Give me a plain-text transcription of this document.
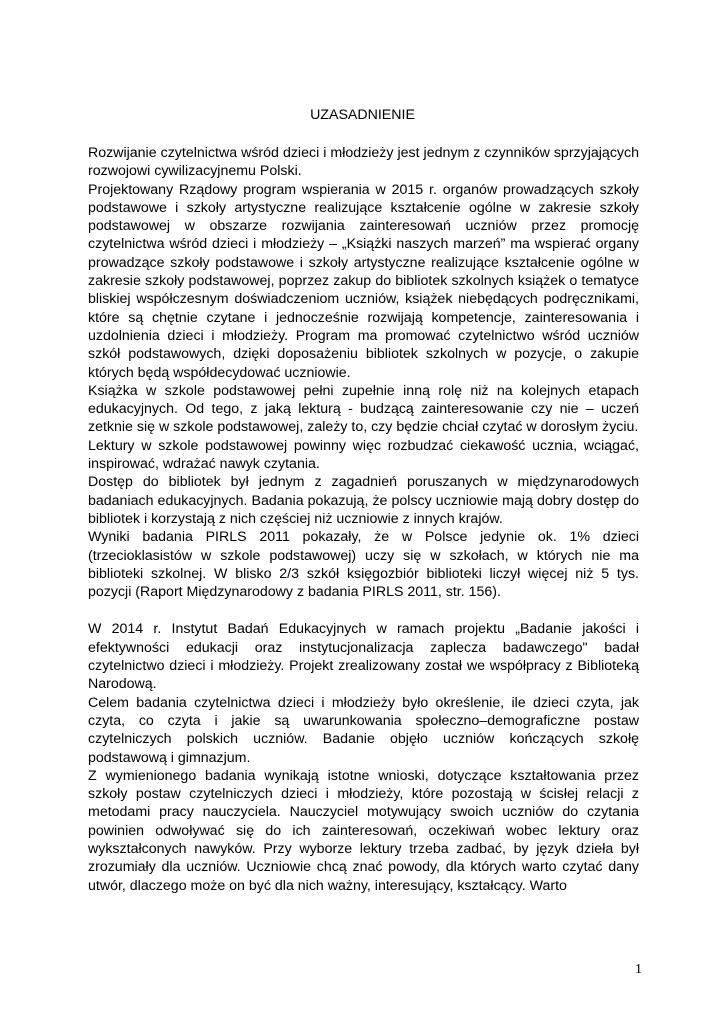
UZASADNIENIE

Rozwijanie czytelnictwa wśród dzieci i młodzieży jest jednym z czynników sprzyjających rozwojowi cywilizacyjnemu Polski.

Projektowany Rządowy program wspierania w 2015 r. organów prowadzących szkoły podstawowe i szkoły artystyczne realizujące kształcenie ogólne w zakresie szkoły podstawowej w obszarze rozwijania zainteresowań uczniów przez promocję czytelnictwa wśród dzieci i młodzieży – „Książki naszych marzeń” ma wspierać organy prowadzące szkoły podstawowe i szkoły artystyczne realizujące kształcenie ogólne w zakresie szkoły podstawowej, poprzez zakup do bibliotek szkolnych książek o tematyce bliskiej współczesnym doświadczeniom uczniów, książek niebędących podręcznikami, które są chętnie czytane i jednocześnie rozwijają kompetencje, zainteresowania i uzdolnienia dzieci i młodzieży. Program ma promować czytelnictwo wśród uczniów szkół podstawowych, dzięki doposażeniu bibliotek szkolnych w pozycje, o zakupie których będą współdecydować uczniowie.

Książka w szkole podstawowej pełni zupełnie inną rolę niż na kolejnych etapach edukacyjnych. Od tego, z jaką lekturą - budzącą zainteresowanie czy nie – uczeń zetknie się w szkole podstawowej, zależy to, czy będzie chciał czytać w dorosłym życiu.

Lektury w szkole podstawowej powinny więc rozbudzać ciekawość ucznia, wciągać, inspirować, wdrażać nawyk czytania.

Dostęp do bibliotek był jednym z zagadnień poruszanych w międzynarodowych badaniach edukacyjnych. Badania pokazują, że polscy uczniowie mają dobry dostęp do bibliotek i korzystają z nich częściej niż uczniowie z innych krajów.

Wyniki badania PIRLS 2011 pokazały, że w Polsce jedynie ok. 1% dzieci (trzecioklasistów w szkole podstawowej) uczy się w szkołach, w których nie ma biblioteki szkolnej. W blisko 2/3 szkół księgozbiór biblioteki liczył więcej niż 5 tys. pozycji (Raport Międzynarodowy z badania PIRLS 2011, str. 156).

W 2014 r. Instytut Badań Edukacyjnych w ramach projektu „Badanie jakości i efektywności edukacji oraz instytucjonalizacja zaplecza badawczego" badał czytelnictwo dzieci i młodzieży. Projekt zrealizowany został we współpracy z Biblioteką Narodową.

Celem badania czytelnictwa dzieci i młodzieży było określenie, ile dzieci czyta, jak czyta, co czyta i jakie są uwarunkowania społeczno–demograficzne postaw czytelniczych polskich uczniów. Badanie objęło uczniów kończących szkołę podstawową i gimnazjum.

Z wymienionego badania wynikają istotne wnioski, dotyczące kształtowania przez szkoły postaw czytelniczych dzieci i młodzieży, które pozostają w ścisłej relacji z metodami pracy nauczyciela. Nauczyciel motywujący swoich uczniów do czytania powinien odwoływać się do ich zainteresowań, oczekiwań wobec lektury oraz wykształconych nawyków. Przy wyborze lektury trzeba zadbać, by język dzieła był zrozumiały dla uczniów. Uczniowie chcą znać powody, dla których warto czytać dany utwór, dlaczego może on być dla nich ważny, interesujący, kształcący. Warto

1
